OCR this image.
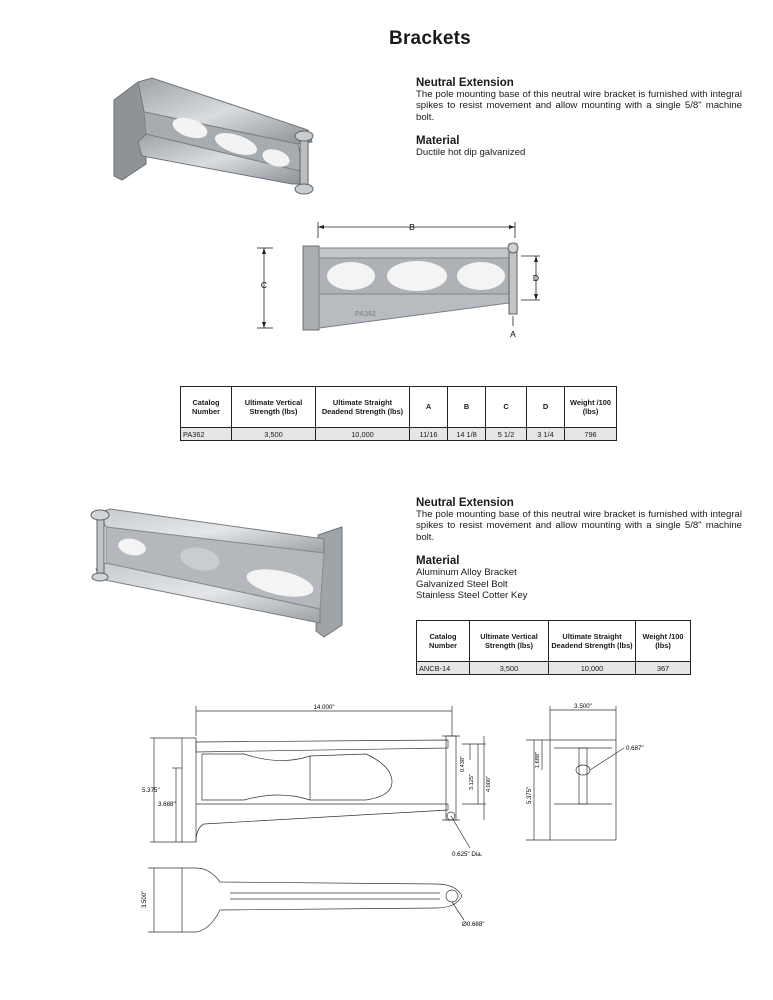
Brackets

Neutral Extension

The pole mounting base of this neutral wire bracket is furnished with integral spikes to resist movement and allow mounting with a single 5/8" machine bolt.

Material

Ductile hot dip galvanized

B
C
D
A
PA362
Catalog Number	Ultimate Vertical Strength (lbs)	Ultimate Straight Deadend Strength (lbs)	A	B	C	D	Weight /100 (lbs)
PA362	3,500	10,000	11/16	14 1/8	5 1/2	3 1/4	796

Neutral Extension

The pole mounting base of this neutral wire bracket is furnished with integral spikes to resist movement and allow mounting with a single 5/8" machine bolt.

Material

Aluminum Alloy Bracket

Galvanized Steel Bolt

Stainless Steel Cotter Key

Catalog Number	Ultimate Vertical Strength (lbs)	Ultimate Straight Deadend Strength (lbs)	Weight /100 (lbs)
ANCB-14	3,500	10,000	367
14.000"
5.375"
3.688"
0.438"
3.125" 4.000"
0.625" Dia.
3.500"
0.687"
1.688"
5.375"
3.500"
Ø0.688"
